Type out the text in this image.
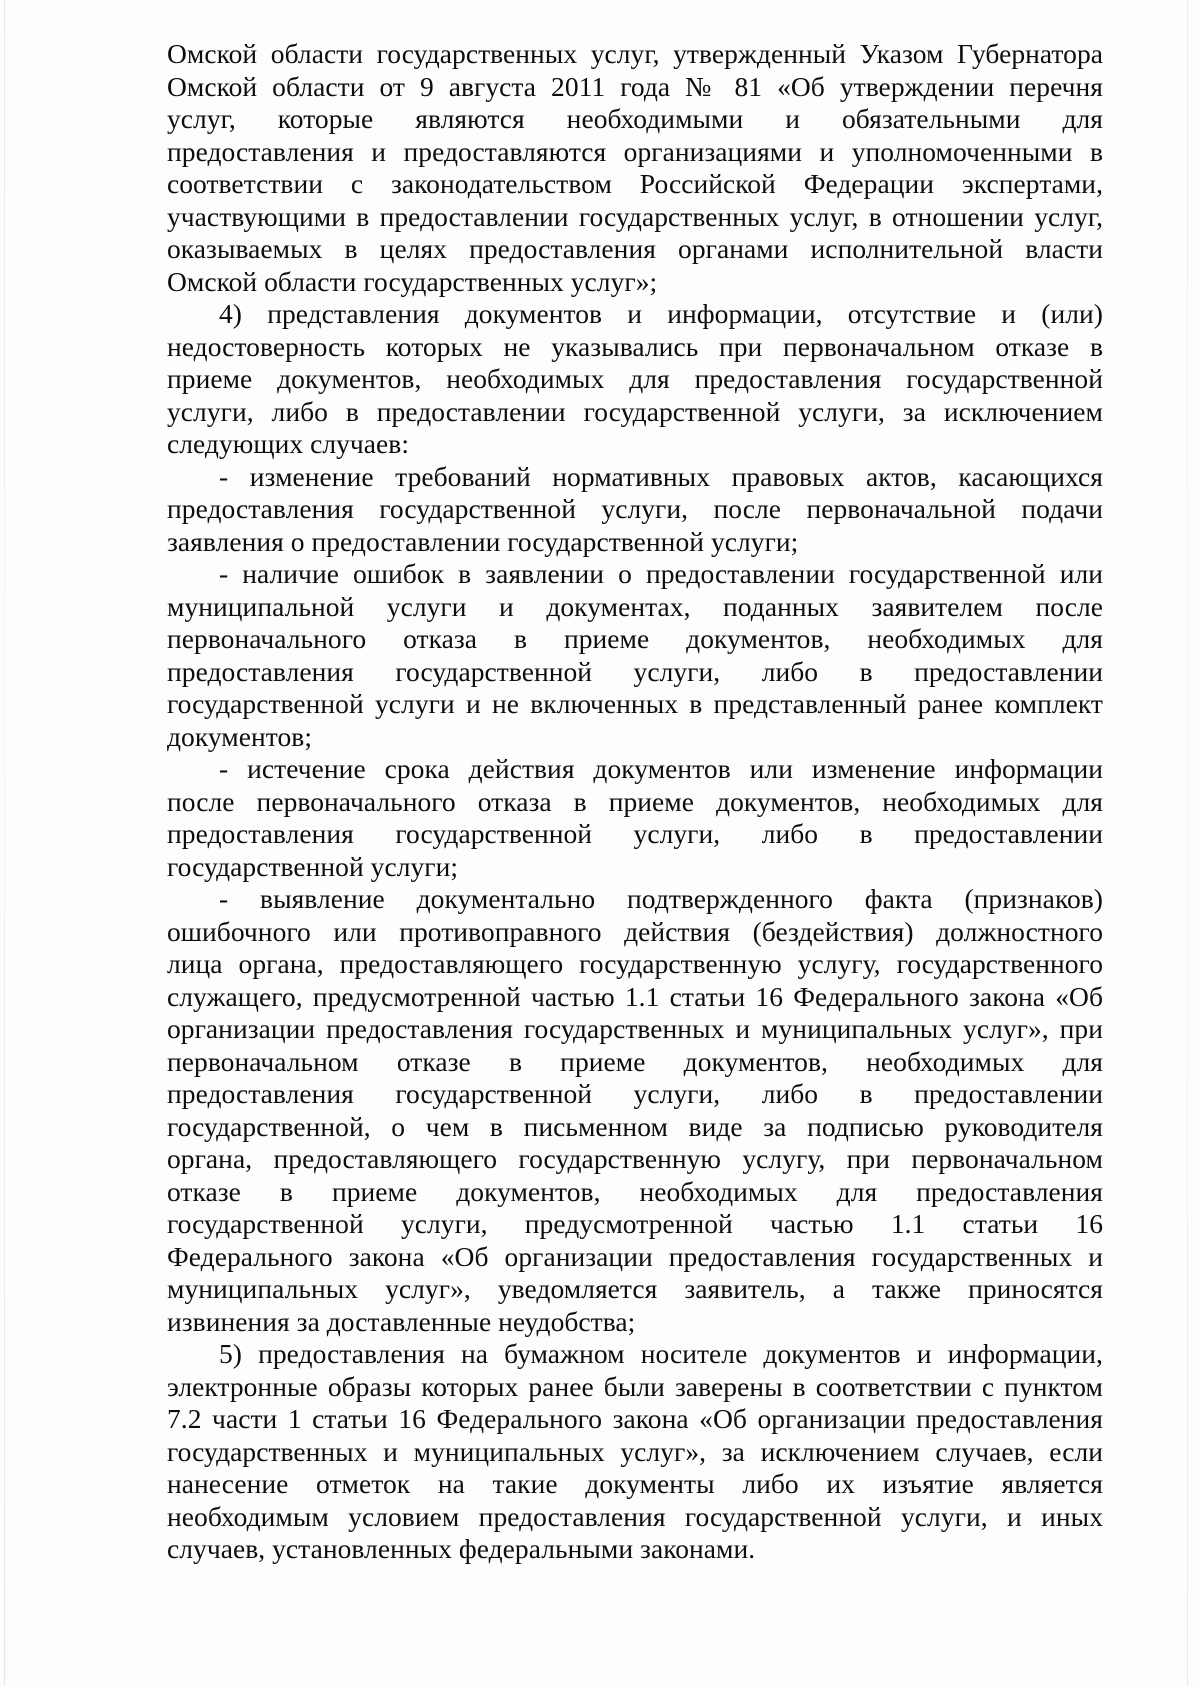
Омской области государственных услуг, утвержденный Указом Губернатора
Омской области от 9 августа 2011 года № 81 «Об утверждении перечня
услуг, которые являются необходимыми и обязательными для
предоставления и предоставляются организациями и уполномоченными в
соответствии с законодательством Российской Федерации экспертами,
участвующими в предоставлении государственных услуг, в отношении услуг,
оказываемых в целях предоставления органами исполнительной власти
Омской области государственных услуг»;
4) представления документов и информации, отсутствие и (или)
недостоверность которых не указывались при первоначальном отказе в
приеме документов, необходимых для предоставления государственной
услуги, либо в предоставлении государственной услуги, за исключением
следующих случаев:
- изменение требований нормативных правовых актов, касающихся
предоставления государственной услуги, после первоначальной подачи
заявления о предоставлении государственной услуги;
- наличие ошибок в заявлении о предоставлении государственной или
муниципальной услуги и документах, поданных заявителем после
первоначального отказа в приеме документов, необходимых для
предоставления государственной услуги, либо в предоставлении
государственной услуги и не включенных в представленный ранее комплект
документов;
- истечение срока действия документов или изменение информации
после первоначального отказа в приеме документов, необходимых для
предоставления государственной услуги, либо в предоставлении
государственной услуги;
- выявление документально подтвержденного факта (признаков)
ошибочного или противоправного действия (бездействия) должностного
лица органа, предоставляющего государственную услугу, государственного
служащего, предусмотренной частью 1.1 статьи 16 Федерального закона «Об
организации предоставления государственных и муниципальных услуг», при
первоначальном отказе в приеме документов, необходимых для
предоставления государственной услуги, либо в предоставлении
государственной, о чем в письменном виде за подписью руководителя
органа, предоставляющего государственную услугу, при первоначальном
отказе в приеме документов, необходимых для предоставления
государственной услуги, предусмотренной частью 1.1 статьи 16
Федерального закона «Об организации предоставления государственных и
муниципальных услуг», уведомляется заявитель, а также приносятся
извинения за доставленные неудобства;
5) предоставления на бумажном носителе документов и информации,
электронные образы которых ранее были заверены в соответствии с пунктом
7.2 части 1 статьи 16 Федерального закона «Об организации предоставления
государственных и муниципальных услуг», за исключением случаев, если
нанесение отметок на такие документы либо их изъятие является
необходимым условием предоставления государственной услуги, и иных
случаев, установленных федеральными законами.
